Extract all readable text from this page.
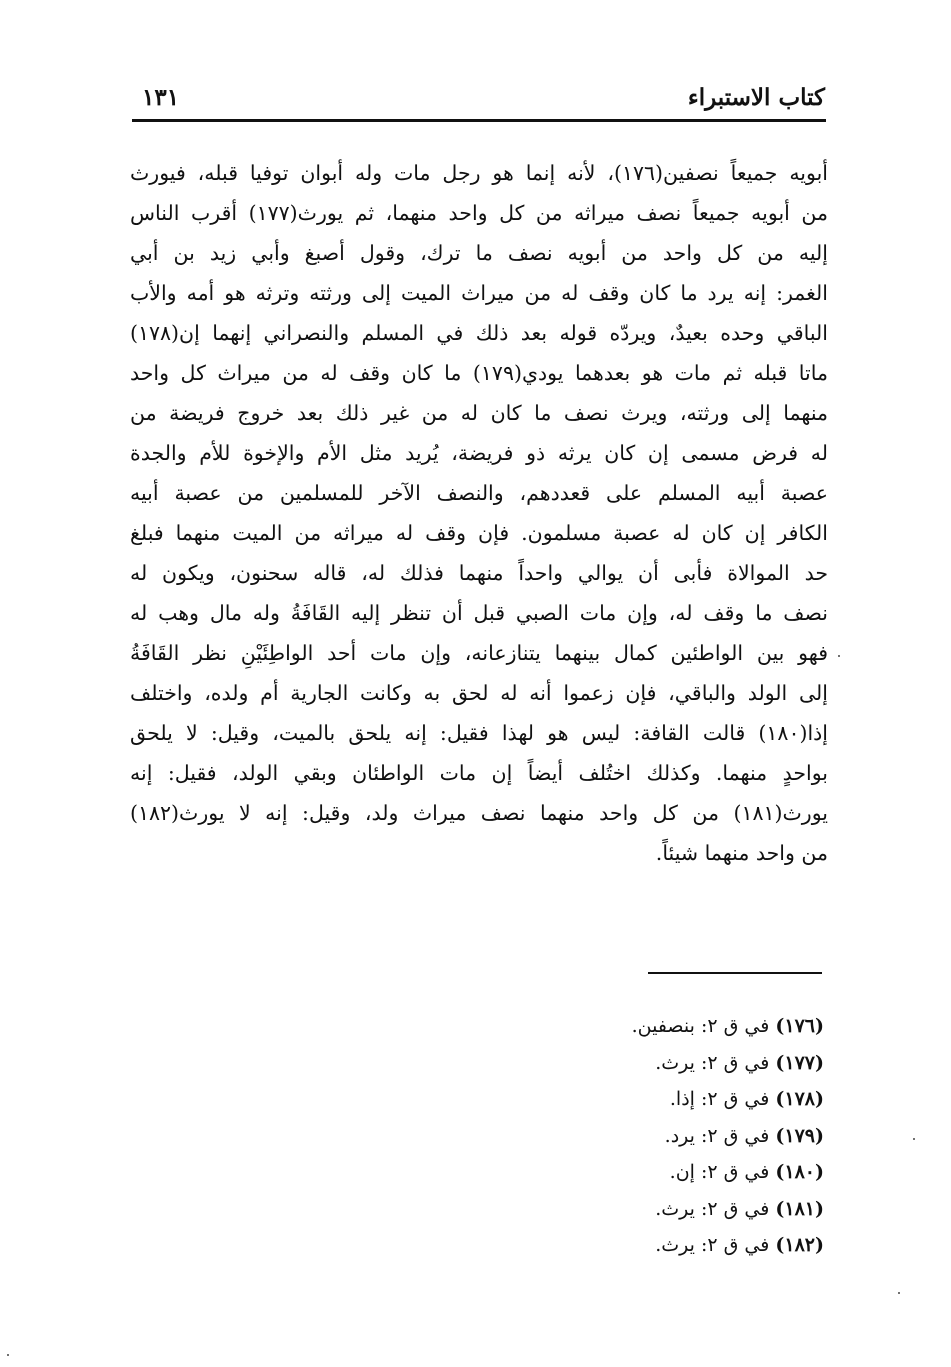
كتاب الاستبراء
١٣١
أبويه جميعاً نصفين(١٧٦)، لأنه إنما هو رجل مات وله أبوان توفيا قبله، فيورث
من أبويه جميعاً نصف ميراثه من كل واحد منهما، ثم يورث(١٧٧) أقرب الناس
إليه من كل واحد من أبويه نصف ما ترك، وقول أصبغ وأبي زيد بن أبي
الغمر: إنه يرد ما كان وقف له من ميراث الميت إلى ورثته وترثه هو أمه والأب
الباقي وحده بعيدٌ، ويردّه قوله بعد ذلك في المسلم والنصراني إنهما إن(١٧٨)
ماتا قبله ثم مات هو بعدهما يودي(١٧٩) ما كان وقف له من ميراث كل واحد
منهما إلى ورثته، ويرث نصف ما كان له من غير ذلك بعد خروج فريضة من
له فرض مسمى إن كان يرثه ذو فريضة، يُريد مثل الأم والإخوة للأم والجدة
عصبة أبيه المسلم على قعددهم، والنصف الآخر للمسلمين من عصبة أبيه
الكافر إن كان له عصبة مسلمون. فإن وقف له ميراثه من الميت منهما فبلغ
حد الموالاة فأبى أن يوالي واحداً منهما فذلك له، قاله سحنون، ويكون له
نصف ما وقف له، وإن مات الصبي قبل أن تنظر إليه القَافَةُ وله مال وهب له
فهو بين الواطئين كمال بينهما يتنازعانه، وإن مات أحد الواطِئَيْنِ نظر القَافَةُ
إلى الولد والباقي، فإن زعموا أنه له لحق به وكانت الجارية أم ولده، واختلف
إذا(١٨٠) قالت القافة: ليس هو لهذا فقيل: إنه يلحق بالميت، وقيل: لا يلحق
بواحدٍ منهما. وكذلك اختُلف أيضاً إن مات الواطئان وبقي الولد، فقيل: إنه
يورث(١٨١) من كل واحد منهما نصف ميراث ولد، وقيل: إنه لا يورث(١٨٢)
من واحد منهما شيئاً.
(١٧٦) في ق ٢: بنصفين.
(١٧٧) في ق ٢: يرث.
(١٧٨) في ق ٢: إذا.
(١٧٩) في ق ٢: يرد.
(١٨٠) في ق ٢: إن.
(١٨١) في ق ٢: يرث.
(١٨٢) في ق ٢: يرث.
